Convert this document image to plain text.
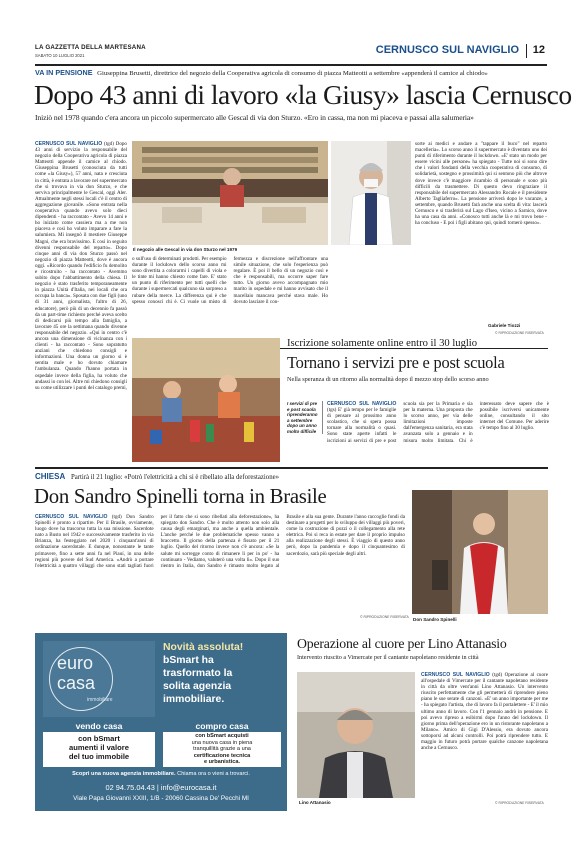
LA GAZZETTA DELLA MARTESANA
SABATO 10 LUGLIO 2021	CERNUSCO SUL NAVIGLIO 12
VA IN PENSIONE Giuseppina Brusetti, direttrice del negozio della Cooperativa agricola di consumo di piazza Matteotti a settembre «appenderà il camice al chiodo»
Dopo 43 anni di lavoro «la Giusy» lascia Cernusco
Iniziò nel 1978 quando c'era ancora un piccolo supermercato alle Gescal di via don Sturzo. «Ero in cassa, ma non mi piaceva e passai alla salumeria»
CERNUSCO SUL NAVIGLIO (tgd) Dopo 43 anni di servizio la responsabile del negozio della Cooperativa agricola di piazza Matteotti appende il camice al chiodo. Giuseppina Brusetti (conosciuta da tutti come «la Giusy»), 57 anni, nata e cresciuta in città, è entrata a lavorare nel supermercato che si trovava in via don Sturzo, e che serviva principalmente le Gescal, oggi Aler. Attualmente negli stessi locali c'è il centro di aggregazione giovanile. «Sono entrata nella cooperativa quando avevo solo dieci dipendenti - ha raccontato - Avevo 14 anni e ho iniziato come cassiera ma a me non piaceva e così ho voluto imparare a fare la salumiera. Mi insegnò il mestiere Giuseppe Magni, che era bravissimo. E così in seguito divenni responsabile del reparto». Dopo cinque anni di via don Sturzo passò nel negozio di piazza Matteotti, dove è ancora oggi. «Ricordo quando l'edificio fu demolito e ricostruito - ha raccontato - Avemmo subito dopo l'abbattimento della chiesa. Il negozio è stato trasferito temporaneamente in piazza Unità d'Italia, nei locali che ora occupa la banca». Sposata con due figli (uno di 31 anni, giornalista, l'altro di 26, educatore), però più di un decennio fa passò da un part-time richiesto perché aveva scelto di dedicarsi più tempo alla famiglia, a lavorare 45 ore la settimana quando divenne responsabile del negozio. «Qui in centro c'è ancora una dimensione di vicinanza con i clienti - ha raccontato - Sono sopratutto anziani che chiedono consigli e informazioni. Una donna un giorno si è sentita male e ho dovuto chiamare l'ambulanza. Quando l'hanno portata in ospedale invece della figlia, ha voluto che andassi io con lei. Altre mi chiedono consigli su come utilizzare i punti del catalogo premi,
Il negozio alle Gescal in via don Sturzo nel 1979
o sull'uso di determinati prodotti. Per esempio durante il lockdown dello scorso anno mi sono divertita a colorarmi i capelli di viola e le tinte mi hanno chiesto come fare. E' stato un punto di riferimento per tutti quelli che durante i supermercati qualcuno sia sorpreso a rubare della merce. La differenza qui è che spesso conosci chi è. Ci vuole un misto di fermezza e discrezione nell'affrontare una simile situazione, che solo l'esperienza può regalare. È poi il bello di un negozio così e che è responsabili, ma occorre saper fare tutto. Un giorno avevo accompagnato mio marito in ospedale e mi hanno avvisato che il macellaio mancava perché stava male. Ho dovuto lasciare il con-
sorte ai medici e andare a "tappare il buco" nel reparto macelleria». Lo scorso anno il supermercato è diventato uno dei punti di riferimento durante il lockdown. «E' stato un modo per essere vicini alle persone» ha spiegato - Tutte noi si sono dire che i valori fondanti della vecchia cooperativa di consumo, di solidarietà, sostegno e prossimità qui si sentono più che altrove dove invece c'è maggiore ricambio di personale e sono più difficili da trasmettere. Di questo devo ringraziare il responsabile del supermercato Alessandro Rocale e il presidente Alberto Tagliaferro». La pensione arriverà dopo le vacanze, a settembre, quando Brusetti farà anche una scelta di vita: lascerà Cernusco e si trasferirà sul Lago d'Iseo, vicino a Sarnico, dove ha una casa da anni. «Conosco tutti anche là e mi trovo bene - ha concluso - E poi i figli abitano qui, quindi tornerò spesso».
Gabriele Tiozzi
© RIPRODUZIONE RISERVATA
Iscrizione solamente online entro il 30 luglio
Tornano i servizi pre e post scuola
Nella speranza di un ritorno alla normalità dopo il mezzo stop dello scorso anno
I servizi di pre e post scuola riprenderanno a settembre dopo un anno molto difficile
CERNUSCO SUL NAVIGLIO (tgs) E' già tempo per le famiglie di pensare al prossimo anno scolastico, che si spera possa tornare alla normalità o quasi. Sono state aperte infatti le iscrizioni ai servizi di pre e post scuola sia per la Primaria e sia per la materna. Una proposta che lo scorso anno, per via delle limitazioni imposte dall'emergenza sanitaria, era stata avanzata solo a gennaio e in misura molto limitata. Chi è interessato deve sapere che è possibile iscriversi unicamente online, consultando il sito internet del Comune. Per aderire c'è tempo fino al 30 luglio.
CHIESA Partirà il 21 luglio: «Potrò l'elettricità a chi si è ribellato alla deforestazione»
Don Sandro Spinelli torna in Brasile
CERNUSCO SUL NAVIGLIO (tgd) Don Sandro Spinelli è pronto a ripartire. Per il Brasile, ovviamente, luogo dove ha trascorso tutta la sua missione. Sacerdote nato a Busto nel 1942 e successivamente trasferito in via Brianza, ha festeggiato nel 2020 i cinquant'anni di ordinazione sacerdotale. E dunque, nonostante le tante primavere, fino a sette anni fa nel Piauí, in una delle regioni più povere del Sud America. «Andrò a portare l'elettricità a quattro villaggi che sono stati tagliati fuori per il fatto che si sono ribellati alla deforestazione», ha spiegato don Sandro. Che è molto attento non solo alla causa degli emarginati, ma anche a quella ambientale. L'anche perché le due problematiche spesso vanno a braccetto. Il giorno della partenza è fissato per il 21 luglio. Quello del ritorno invece non c'è ancora: «Se la salute mi sorregge conto di rimanere lì per in po' - ha continuato - Vediamo, valuterò una volta lì». Dopo il suo rientro in Italia, don Sandro è rimasto molto legato al Brasile e alla sua gente. Durante l'anno raccoglie fondi da destinare a progetti per lo sviluppo dei villaggi più poveri, come la costruzione di pozzi o il collegamento alla rete elettrica. Poi si reca in estate per dare il proprio impulso alla realizzazione degli stessi. È viaggio di questo anno però, dopo la pandemia e dopo il cinquantesimo di sacerdozio, sarà più speciale degli altri.
© RIPRODUZIONE RISERVATA Don Sandro Spinelli
euro
casa
immobiliare
Novità assoluta!
bSmart ha
trasformato la
solita agenzia
immobiliare.
vendo casa
con bSmart
aumenti il valore
del tuo immobile
compro casa
con bSmart acquisti
una nuova casa in piena
tranquillità grazie a una
certificazione tecnica
e urbanistica.
Scopri una nuova agenzia immobiliare. Chiama ora o vieni a trovarci.
02 94.75.04.43 | info@eurocasa.it
Viale Papa Giovanni XXIII, 1/B - 20060 Cassina De' Pecchi MI
Operazione al cuore per Lino Attanasio
Intervento riuscito a Vimercate per il cantante napoletano residente in città
Lino Attanasio
CERNUSCO SUL NAVIGLIO (tgd) Operazione al cuore all'ospedale di Vimercate per il cantante napoletano residente in città da oltre vent'anni Lino Attanasio. Un intervento riuscito perfettamente che gli permetterà di riprendere pieno piano le sue serate di canzoni. «E' un anno importante per me - ha spiegato l'artista, che di lavoro fa il portalettere - E' il mio ultimo anno di lavoro. Con l'1 gennaio andrò in pensione. E poi avevo ripreso a esibirmi dopo l'anno del lockdown. Il giorno prima dell'operazione ero in un ristorante napoletano a Milano». Amico di Gigi D'Alessio, era dovuto ancora sottoporsi ad alcuni controlli. Poi potrà riprendere tutto. E maggio in futuro potrà portare qualche canzone napoletana anche a Cernusco.
© RIPRODUZIONE RISERVATA
